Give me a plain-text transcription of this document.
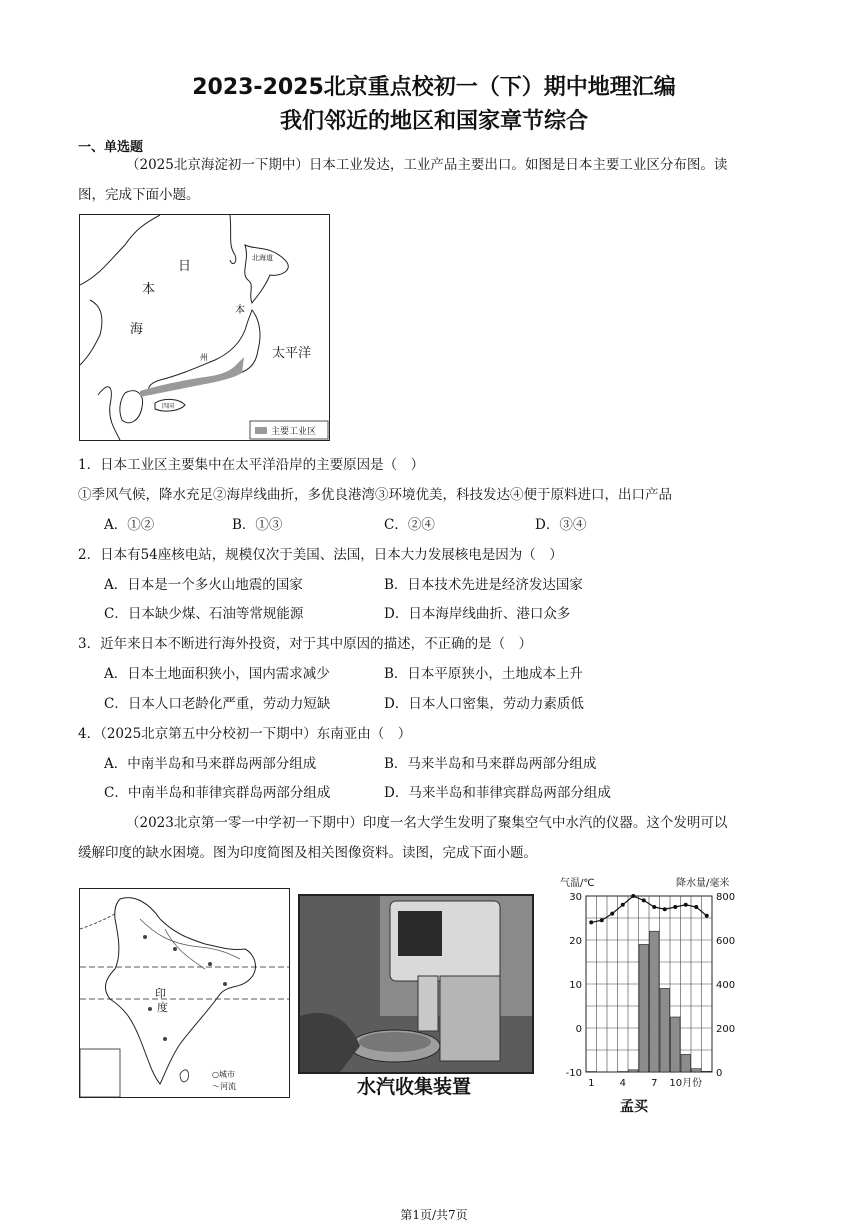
2023-2025北京重点校初一（下）期中地理汇编
我们邻近的地区和国家章节综合
一、单选题
（2025北京海淀初一下期中）日本工业发达，工业产品主要出口。如图是日本主要工业区分布图。读
图，完成下面小题。
日
本
海
太平洋
本
州
北海道
四国
主要工业区
1．日本工业区主要集中在太平洋沿岸的主要原因是（　）
①季风气候，降水充足②海岸线曲折，多优良港湾③环境优美，科技发达④便于原料进口，出口产品
A．①②	B．①③	C．②④	D．③④
2．日本有54座核电站，规模仅次于美国、法国，日本大力发展核电是因为（　）
A．日本是一个多火山地震的国家	B．日本技术先进是经济发达国家
C．日本缺少煤、石油等常规能源	D．日本海岸线曲折、港口众多
3．近年来日本不断进行海外投资，对于其中原因的描述，不正确的是（　）
A．日本土地面积狭小，国内需求减少	B．日本平原狭小，土地成本上升
C．日本人口老龄化严重，劳动力短缺	D．日本人口密集，劳动力素质低
4．（2025北京第五中分校初一下期中）东南亚由（　）
A．中南半岛和马来群岛两部分组成	B．马来半岛和马来群岛两部分组成
C．中南半岛和菲律宾群岛两部分组成	D．马来半岛和菲律宾群岛两部分组成
（2023北京第一零一中学初一下期中）印度一名大学生发明了聚集空气中水汽的仪器。这个发明可以
缓解印度的缺水困境。图为印度简图及相关图像资料。读图，完成下面小题。
印
度
○城市
～河流	水汽收集装置
气温/℃	降水量/毫米
30
20
10
0
-10
800
600
400
200
0
1	4	7 10月份
孟买
第1页/共7页
